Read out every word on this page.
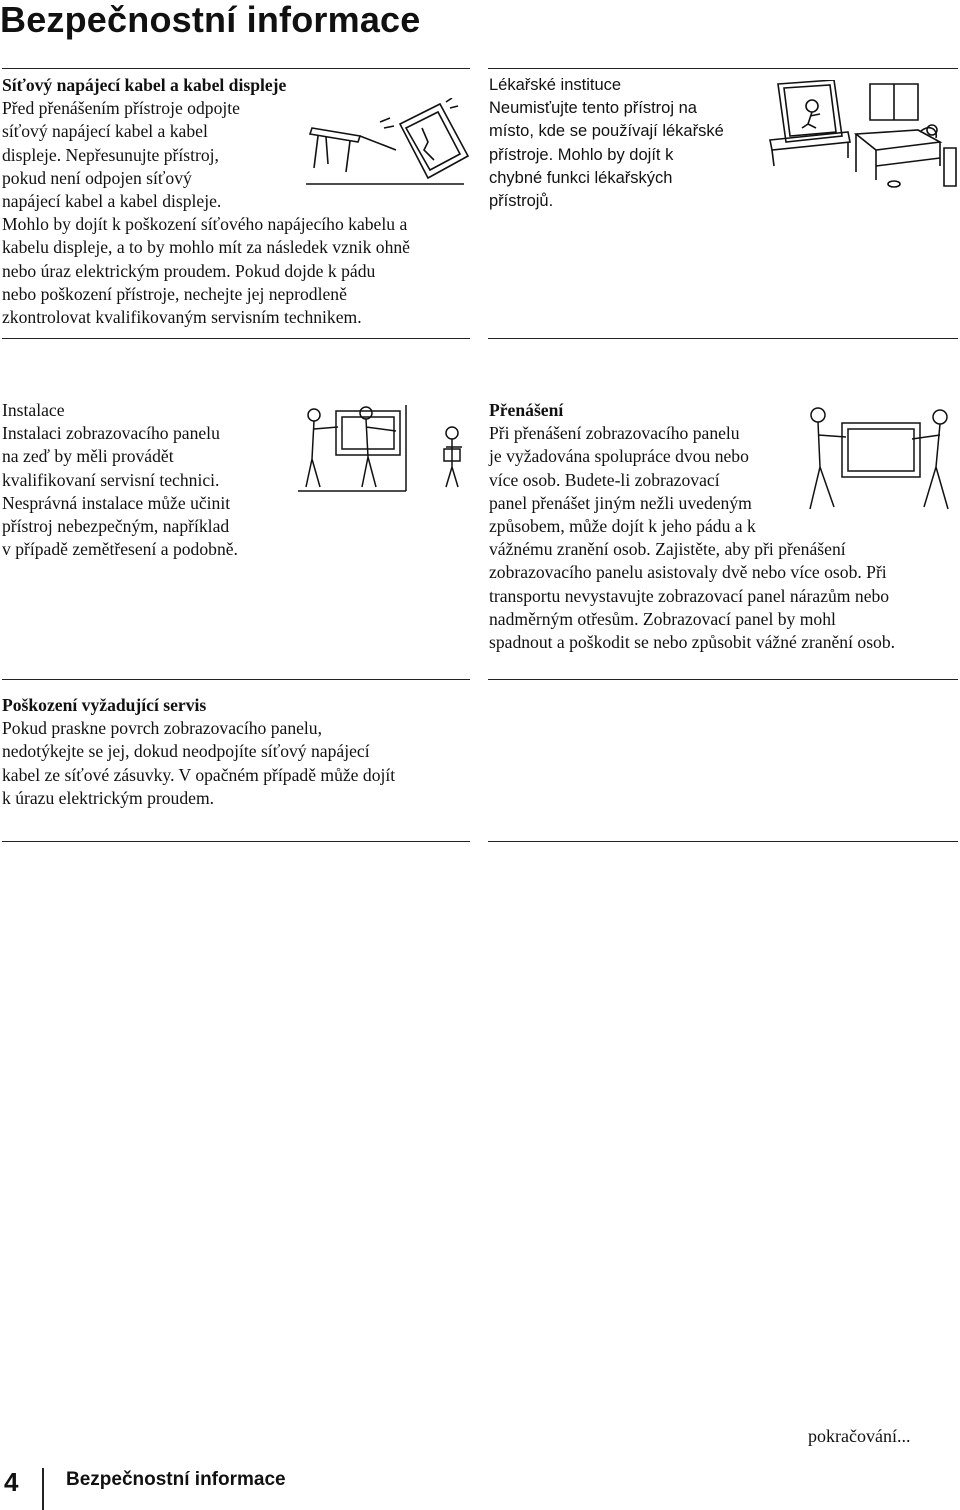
Bezpečnostní informace
Síťový napájecí kabel a kabel displeje

Před přenášením přístroje odpojte

síťový napájecí kabel a kabel

displeje. Nepřesunujte přístroj,

pokud není odpojen síťový

napájecí kabel a kabel displeje.

Mohlo by dojít k poškození síťového napájecího kabelu a

kabelu displeje, a to by mohlo mít za následek vznik ohně

nebo úraz elektrickým proudem. Pokud dojde k pádu

nebo poškození přístroje, nechejte jej neprodleně

zkontrolovat kvalifikovaným servisním technikem.

Lékařské instituce

Neumisťujte tento přístroj na

místo, kde se používají lékařské

přístroje. Mohlo by dojít k

chybné funkci lékařských

přístrojů.

Instalace

Instalaci zobrazovacího panelu

na zeď by měli provádět

kvalifikovaní servisní technici.

Nesprávná instalace může učinit

přístroj nebezpečným, například

v případě zemětřesení a podobně.

Přenášení

Při přenášení zobrazovacího panelu

je vyžadována spolupráce dvou nebo

více osob. Budete-li zobrazovací

panel přenášet jiným nežli uvedeným

způsobem, může dojít k jeho pádu a k

vážnému zranění osob. Zajistěte, aby při přenášení

zobrazovacího panelu asistovaly dvě nebo více osob. Při

transportu nevystavujte zobrazovací panel nárazům nebo

nadměrným otřesům. Zobrazovací panel by mohl

spadnout a poškodit se nebo způsobit vážné zranění osob.

Poškození vyžadující servis

Pokud praskne povrch zobrazovacího panelu,

nedotýkejte se jej, dokud neodpojíte síťový napájecí

kabel ze síťové zásuvky. V opačném případě může dojít

k úrazu elektrickým proudem.

pokračování...
4	Bezpečnostní informace
